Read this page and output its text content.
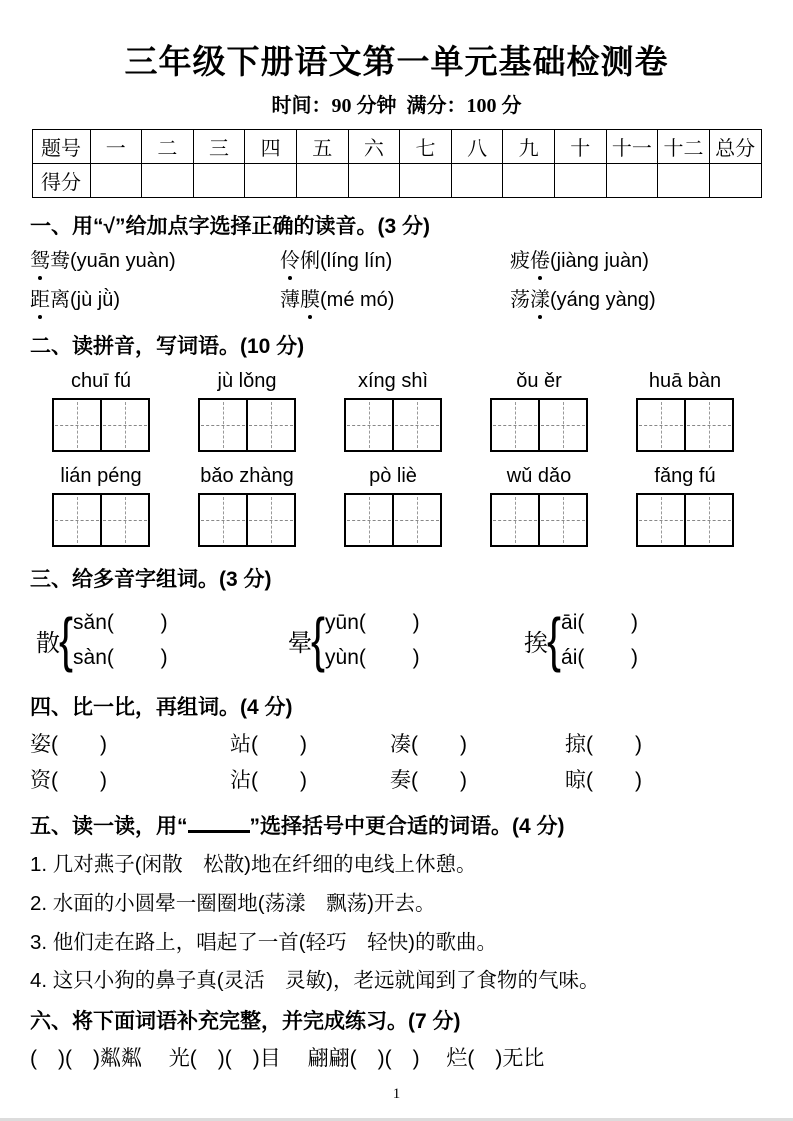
三年级下册语文第一单元基础检测卷
时间：90 分钟  满分：100 分
题号	一	二	三	四	五	六	七	八	九	十	十一	十二	总分
得分													
一、用“√”给加点字选择正确的读音。(3 分)
鸳鸯(yuān yuàn)	伶俐(líng lín)	疲倦(jiàng juàn)
距离(jù jǜ)	薄膜(mé mó)	荡漾(yáng yàng)
二、读拼音，写词语。(10 分)
chuī fú	jù lǒng	xíng shì	ǒu ěr	huā bàn
lián péng	bǎo zhàng	pò liè	wǔ dǎo	fǎng fú
三、给多音字组词。(3 分)
散 { sǎn(        )
sàn(        )
晕 { yūn(        )
yùn(        )
挨 { āi(        )
ái(        )
四、比一比，再组词。(4 分)
姿(　　)	站(　　)	凑(　　)	掠(　　)
资(　　)	沾(　　)	奏(　　)	晾(　　)
五、读一读，用“	”选择括号中更合适的词语。(4 分)
1. 几对燕子(闲散　松散)地在纤细的电线上休憩。
2. 水面的小圆晕一圈圈地(荡漾　飘荡)开去。
3. 他们走在路上，唱起了一首(轻巧　轻快)的歌曲。
4. 这只小狗的鼻子真(灵活　灵敏)，老远就闻到了食物的气味。
六、将下面词语补充完整，并完成练习。(7 分)
(　)(　)粼粼　 光(　)(　)目　 翩翩(　)(　)　 烂(　)无比
1
